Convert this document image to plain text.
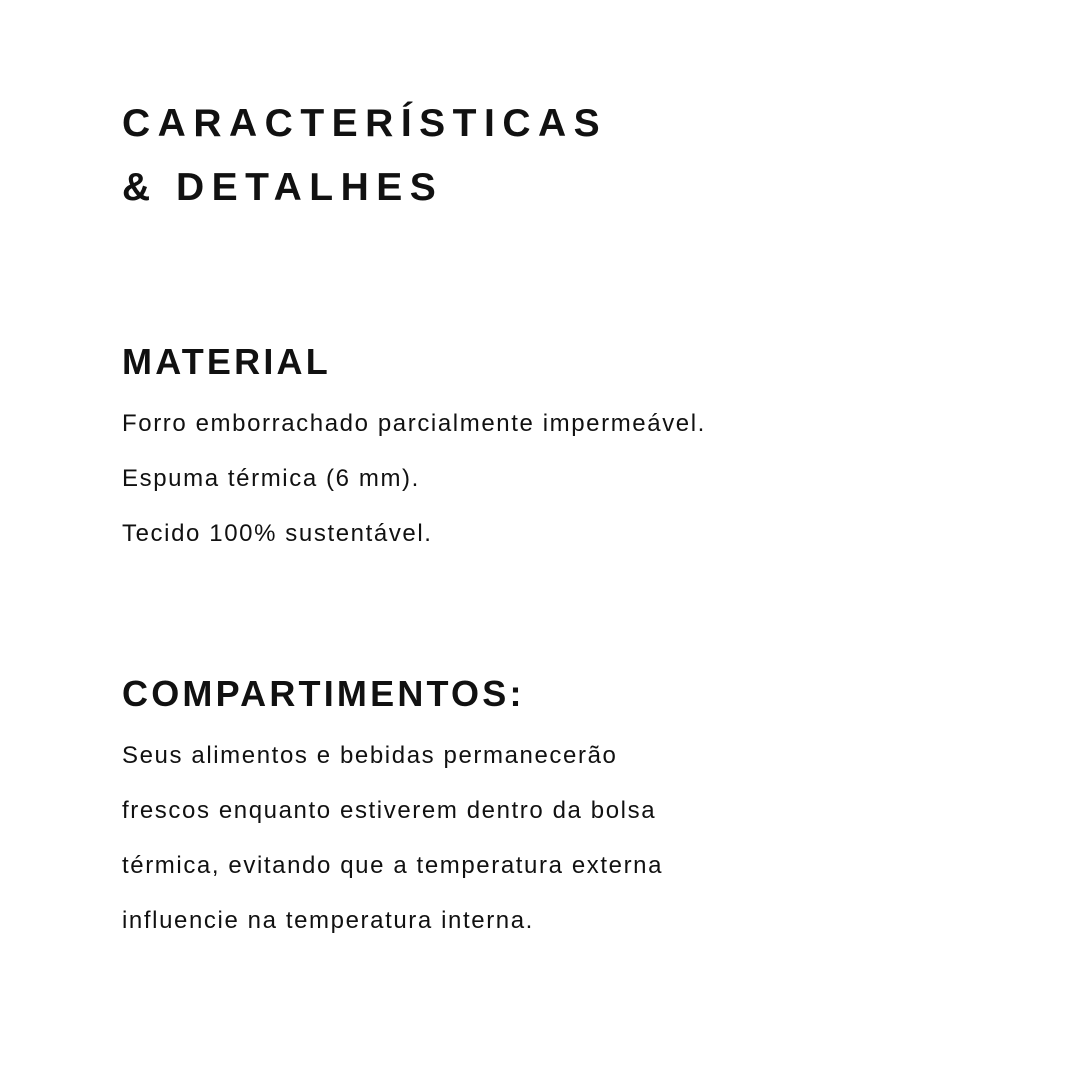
CARACTERÍSTICAS
& DETALHES
MATERIAL

Forro emborrachado parcialmente impermeável.

Espuma térmica (6 mm).

Tecido 100% sustentável.

COMPARTIMENTOS:

Seus alimentos e bebidas permanecerão

frescos enquanto estiverem dentro da bolsa

térmica, evitando que a temperatura externa

influencie na temperatura interna.
